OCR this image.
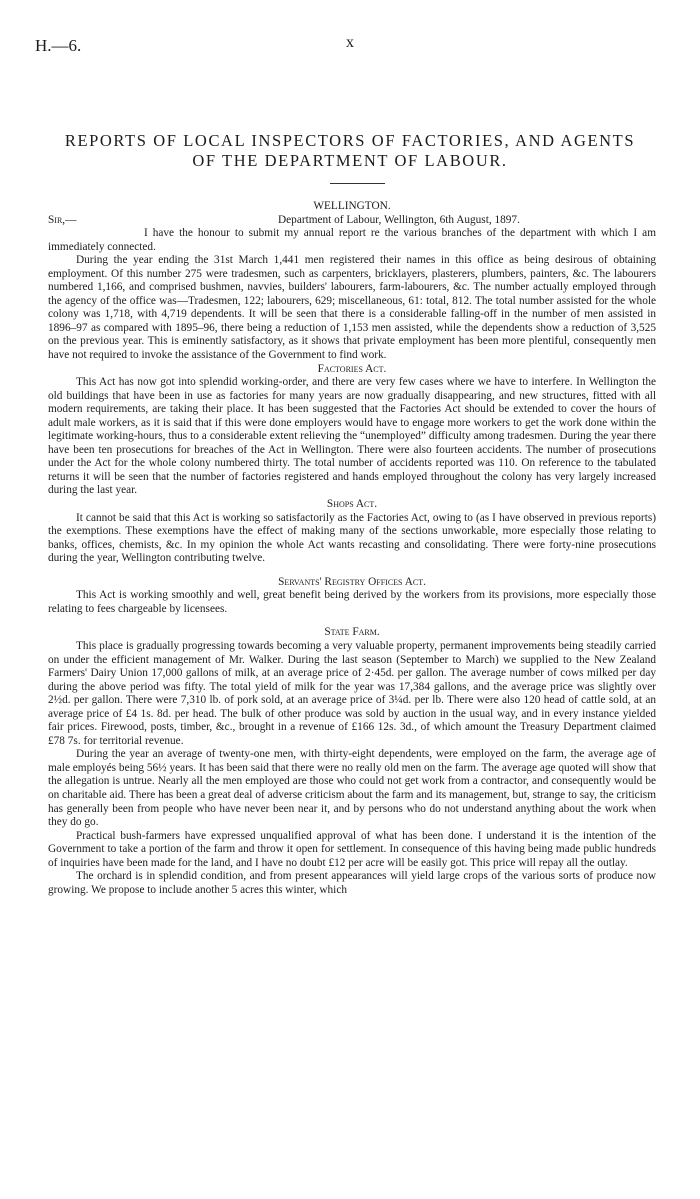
H.—6.	x
REPORTS OF LOCAL INSPECTORS OF FACTORIES, AND AGENTS
OF THE DEPARTMENT OF LABOUR.
WELLINGTON.
Sir,—	Department of Labour, Wellington, 6th August, 1897.

I have the honour to submit my annual report re the various branches of the department with which I am immediately connected.

During the year ending the 31st March 1,441 men registered their names in this office as being desirous of obtaining employment. Of this number 275 were tradesmen, such as carpenters, bricklayers, plasterers, plumbers, painters, &c. The labourers numbered 1,166, and comprised bushmen, navvies, builders' labourers, farm-labourers, &c. The number actually employed through the agency of the office was—Tradesmen, 122; labourers, 629; miscellaneous, 61: total, 812. The total number assisted for the whole colony was 1,718, with 4,719 dependents. It will be seen that there is a considerable falling-off in the number of men assisted in 1896–97 as compared with 1895–96, there being a reduction of 1,153 men assisted, while the dependents show a reduction of 3,525 on the previous year. This is eminently satisfactory, as it shows that private employment has been more plentiful, consequently men have not required to invoke the assistance of the Government to find work.

Factories Act.

This Act has now got into splendid working-order, and there are very few cases where we have to interfere. In Wellington the old buildings that have been in use as factories for many years are now gradually disappearing, and new structures, fitted with all modern requirements, are taking their place. It has been suggested that the Factories Act should be extended to cover the hours of adult male workers, as it is said that if this were done employers would have to engage more workers to get the work done within the legitimate working-hours, thus to a considerable extent relieving the “unemployed” difficulty among tradesmen. During the year there have been ten prosecutions for breaches of the Act in Wellington. There were also fourteen accidents. The number of prosecutions under the Act for the whole colony numbered thirty. The total number of accidents reported was 110. On reference to the tabulated returns it will be seen that the number of factories registered and hands employed throughout the colony has very largely increased during the last year.

Shops Act.

It cannot be said that this Act is working so satisfactorily as the Factories Act, owing to (as I have observed in previous reports) the exemptions. These exemptions have the effect of making many of the sections unworkable, more especially those relating to banks, offices, chemists, &c. In my opinion the whole Act wants recasting and consolidating. There were forty-nine prosecutions during the year, Wellington contributing twelve.

Servants' Registry Offices Act.

This Act is working smoothly and well, great benefit being derived by the workers from its provisions, more especially those relating to fees chargeable by licensees.

State Farm.

This place is gradually progressing towards becoming a very valuable property, permanent improvements being steadily carried on under the efficient management of Mr. Walker. During the last season (September to March) we supplied to the New Zealand Farmers' Dairy Union 17,000 gallons of milk, at an average price of 2·45d. per gallon. The average number of cows milked per day during the above period was fifty. The total yield of milk for the year was 17,384 gallons, and the average price was slightly over 2½d. per gallon. There were 7,310 lb. of pork sold, at an average price of 3¼d. per lb. There were also 120 head of cattle sold, at an average price of £4 1s. 8d. per head. The bulk of other produce was sold by auction in the usual way, and in every instance yielded fair prices. Firewood, posts, timber, &c., brought in a revenue of £166 12s. 3d., of which amount the Treasury Department claimed £78 7s. for territorial revenue.

During the year an average of twenty-one men, with thirty-eight dependents, were employed on the farm, the average age of male employés being 56½ years. It has been said that there were no really old men on the farm. The average age quoted will show that the allegation is untrue. Nearly all the men employed are those who could not get work from a contractor, and consequently would be on charitable aid. There has been a great deal of adverse criticism about the farm and its management, but, strange to say, the criticism has generally been from people who have never been near it, and by persons who do not understand anything about the work when they do go.

Practical bush-farmers have expressed unqualified approval of what has been done. I understand it is the intention of the Government to take a portion of the farm and throw it open for settlement. In consequence of this having being made public hundreds of inquiries have been made for the land, and I have no doubt £12 per acre will be easily got. This price will repay all the outlay.

The orchard is in splendid condition, and from present appearances will yield large crops of the various sorts of produce now growing. We propose to include another 5 acres this winter, which
